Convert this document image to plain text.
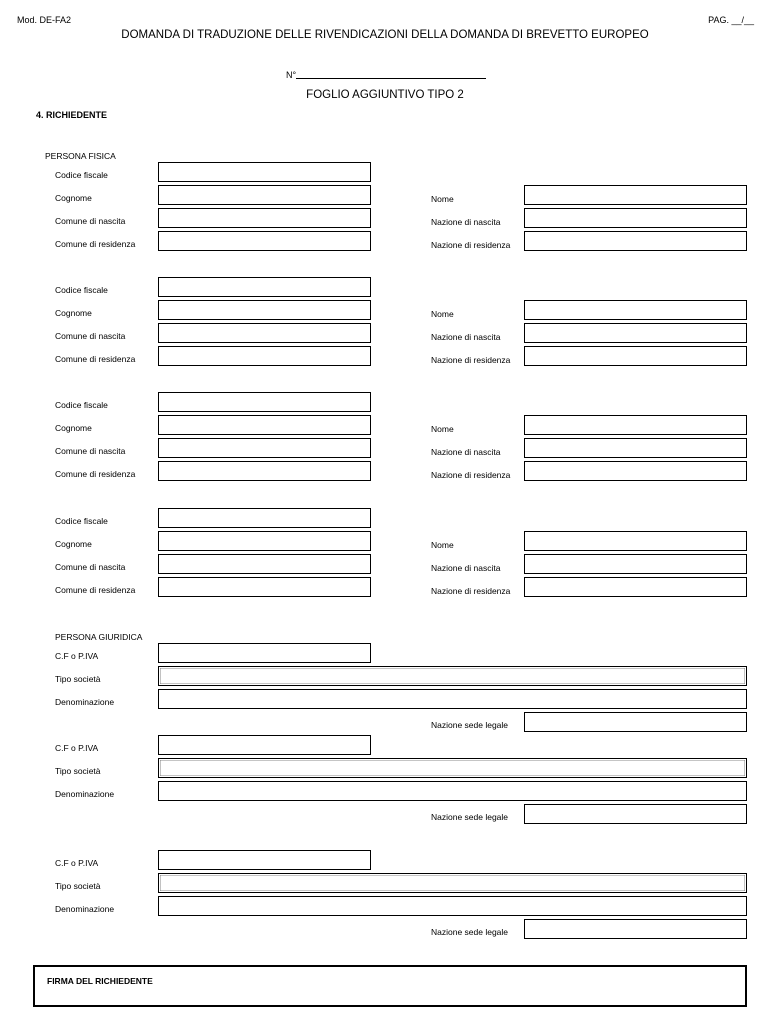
Mod. DE-FA2	PAG. __/__
DOMANDA DI TRADUZIONE DELLE RIVENDICAZIONI DELLA DOMANDA DI BREVETTO EUROPEO
N°
FOGLIO AGGIUNTIVO TIPO 2
4. RICHIEDENTE
PERSONA FISICA
Codice fiscale
Cognome
Comune di nascita
Comune di residenza
Nome
Nazione di nascita
Nazione di residenza
Codice fiscale
Cognome
Comune di nascita
Comune di residenza
Nome
Nazione di nascita
Nazione di residenza
Codice fiscale
Cognome
Comune di nascita
Comune di residenza
Nome
Nazione di nascita
Nazione di residenza
Codice fiscale
Cognome
Comune di nascita
Comune di residenza
Nome
Nazione di nascita
Nazione di residenza
PERSONA GIURIDICA
C.F o P.IVA
Tipo società
Denominazione
Nazione sede legale
C.F o P.IVA
Tipo società
Denominazione
Nazione sede legale
C.F o P.IVA
Tipo società
Denominazione
Nazione sede legale
FIRMA DEL RICHIEDENTE
